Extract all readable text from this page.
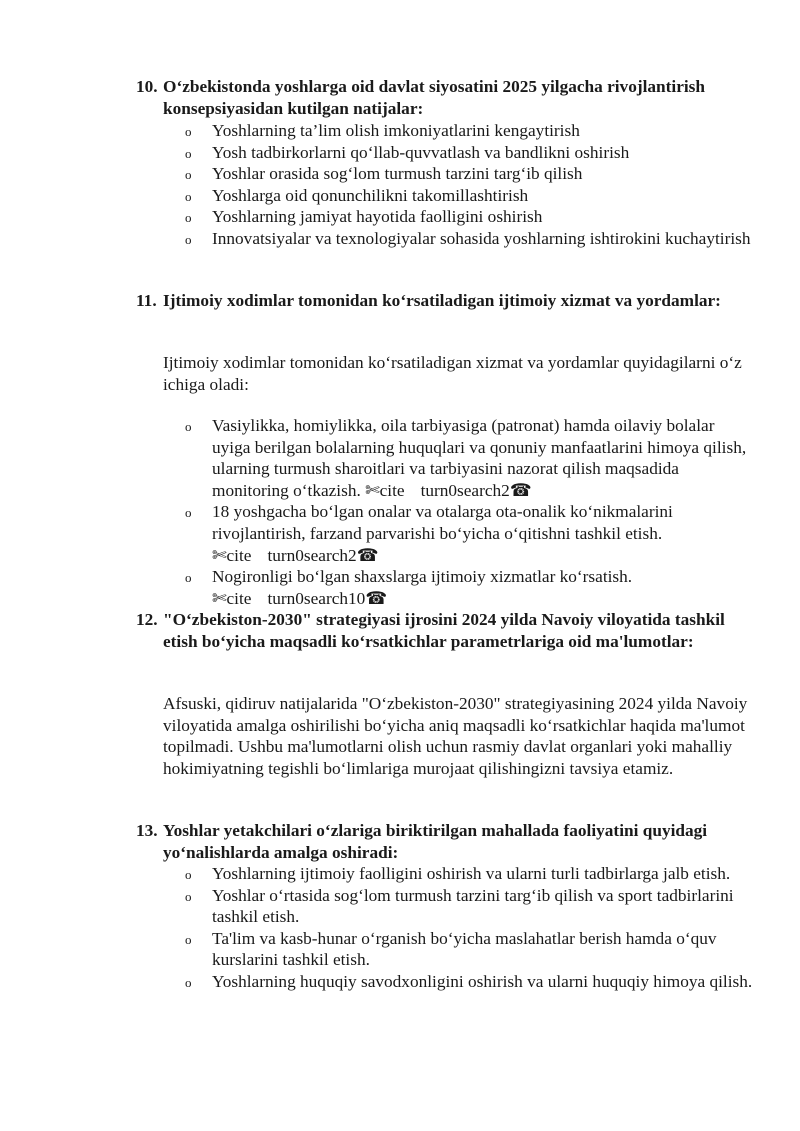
10. O‘zbekistonda yoshlarga oid davlat siyosatini 2025 yilgacha rivojlantirish konsepsiyasidan kutilgan natijalar:
o Yoshlarning ta’lim olish imkoniyatlarini kengaytirish
o Yosh tadbirkorlarni qo‘llab-quvvatlash va bandlikni oshirish
o Yoshlar orasida sog‘lom turmush tarzini targ‘ib qilish
o Yoshlarga oid qonunchilikni takomillashtirish
o Yoshlarning jamiyat hayotida faolligini oshirish
o Innovatsiyalar va texnologiyalar sohasida yoshlarning ishtirokini kuchaytirish
11. Ijtimoiy xodimlar tomonidan ko‘rsatiladigan ijtimoiy xizmat va yordamlar:
Ijtimoiy xodimlar tomonidan ko‘rsatiladigan xizmat va yordamlar quyidagilarni o‘z ichiga oladi:
o Vasiylikka, homiylikka, oila tarbiyasiga (patronat) hamda oilaviy bolalar uyiga berilgan bolalarning huquqlari va qonuniy manfaatlarini himoya qilish, ularning turmush sharoitlari va tarbiyasini nazorat qilish maqsadida monitoring o‘tkazish. ✄cite turn0search2☎
o 18 yoshgacha bo‘lgan onalar va otalarga ota-onalik ko‘nikmalarini rivojlantirish, farzand parvarishi bo‘yicha o‘qitishni tashkil etish.
✄cite turn0search2☎
o Nogironligi bo‘lgan shaxslarga ijtimoiy xizmatlar ko‘rsatish.
✄cite turn0search10☎
12. "O‘zbekiston-2030" strategiyasi ijrosini 2024 yilda Navoiy viloyatida tashkil etish bo‘yicha maqsadli ko‘rsatkichlar parametrlariga oid ma'lumotlar:
Afsuski, qidiruv natijalarida "O‘zbekiston-2030" strategiyasining 2024 yilda Navoiy viloyatida amalga oshirilishi bo‘yicha aniq maqsadli ko‘rsatkichlar haqida ma'lumot topilmadi. Ushbu ma'lumotlarni olish uchun rasmiy davlat organlari yoki mahalliy hokimiyatning tegishli bo‘limlariga murojaat qilishingizni tavsiya etamiz.
13. Yoshlar yetakchilari o‘zlariga biriktirilgan mahallada faoliyatini quyidagi yo‘nalishlarda amalga oshiradi:
o Yoshlarning ijtimoiy faolligini oshirish va ularni turli tadbirlarga jalb etish.
o Yoshlar o‘rtasida sog‘lom turmush tarzini targ‘ib qilish va sport tadbirlarini tashkil etish.
o Ta'lim va kasb-hunar o‘rganish bo‘yicha maslahatlar berish hamda o‘quv kurslarini tashkil etish.
o Yoshlarning huquqiy savodxonligini oshirish va ularni huquqiy himoya qilish.
